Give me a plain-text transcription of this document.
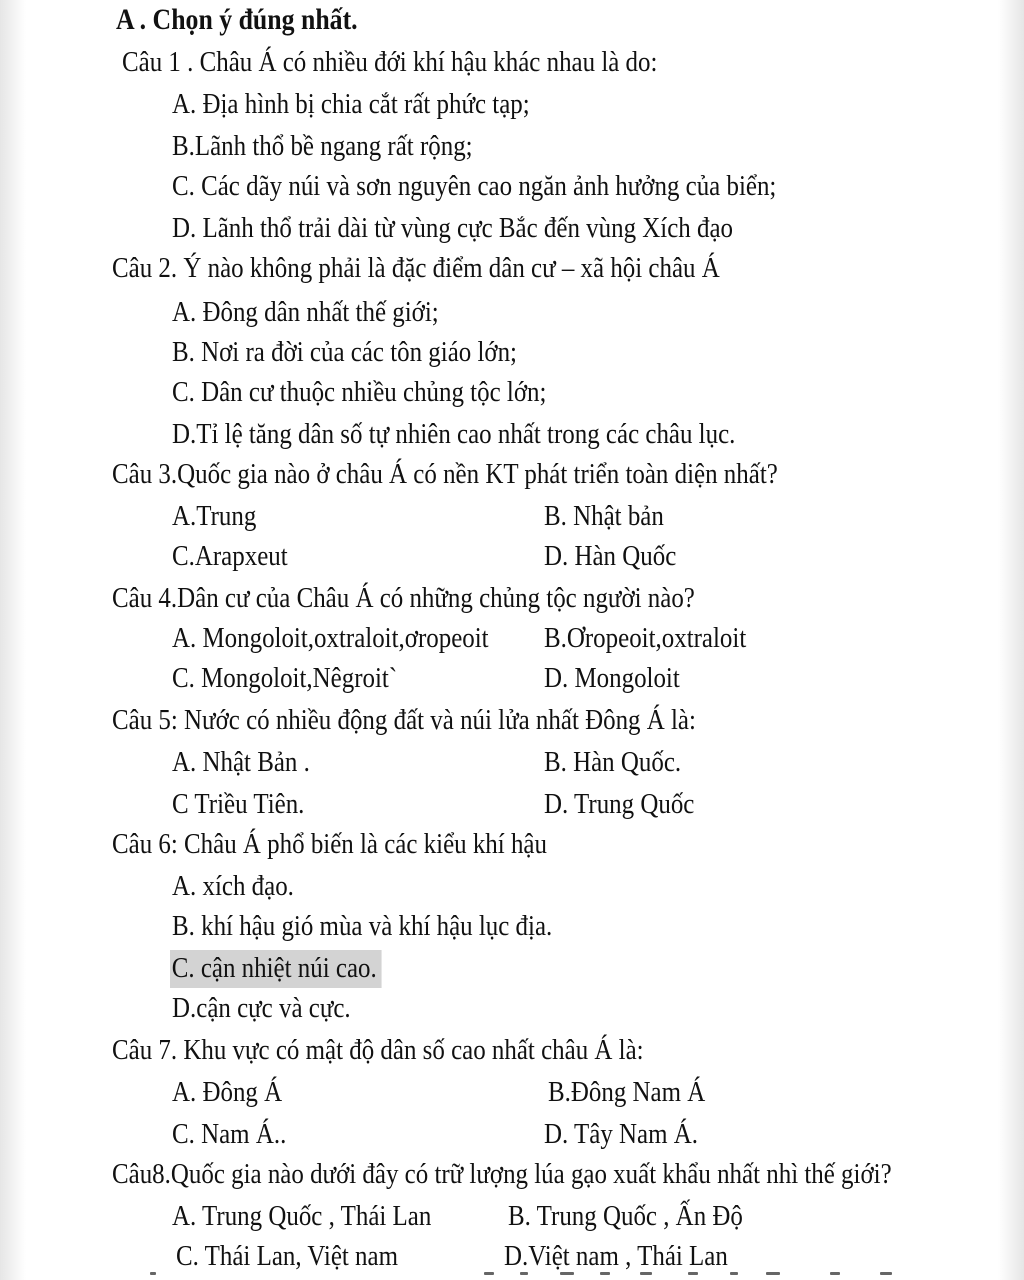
A . Chọn ý đúng nhất.
Câu 1 . Châu Á có nhiều đới khí hậu khác nhau là do:
A. Địa hình bị chia cắt rất phức tạp;
B.Lãnh thổ bề ngang rất rộng;
C. Các dãy núi và sơn nguyên cao ngăn ảnh hưởng của biển;
D. Lãnh thổ trải dài từ vùng cực Bắc đến vùng Xích đạo
Câu 2. Ý nào không phải là đặc điểm dân cư – xã hội châu Á
A. Đông dân nhất thế giới;
B. Nơi ra đời của các tôn giáo lớn;
C. Dân cư thuộc nhiều chủng tộc lớn;
D.Tỉ lệ tăng dân số tự nhiên cao nhất trong các châu lục.
Câu 3.Quốc gia nào ở châu Á có nền KT phát triển toàn diện nhất?
A.Trung	B. Nhật bản
C.Arapxeut	D. Hàn Quốc
Câu 4.Dân cư của Châu Á có những chủng tộc người nào?
A. Mongoloit,oxtraloit,ơropeoit B.Ơropeoit,oxtraloit
C. Mongoloit,Nêgroit`	D. Mongoloit
Câu 5: Nước có nhiều động đất và núi lửa nhất Đông Á là:
A. Nhật Bản .	B. Hàn Quốc.
C Triều Tiên.	D. Trung Quốc
Câu 6: Châu Á phổ biến là các kiểu khí hậu
A. xích đạo.
B. khí hậu gió mùa và khí hậu lục địa.
C. cận nhiệt núi cao.
D.cận cực và cực.
Câu 7. Khu vực có mật độ dân số cao nhất châu Á là:
A. Đông Á	B.Đông Nam Á
C. Nam Á..	D. Tây Nam Á.
Câu8.Quốc gia nào dưới đây có trữ lượng lúa gạo xuất khẩu nhất nhì thế giới?
A. Trung Quốc , Thái Lan	B. Trung Quốc , Ấn Độ
C. Thái Lan, Việt nam	D.Việt nam , Thái Lan
